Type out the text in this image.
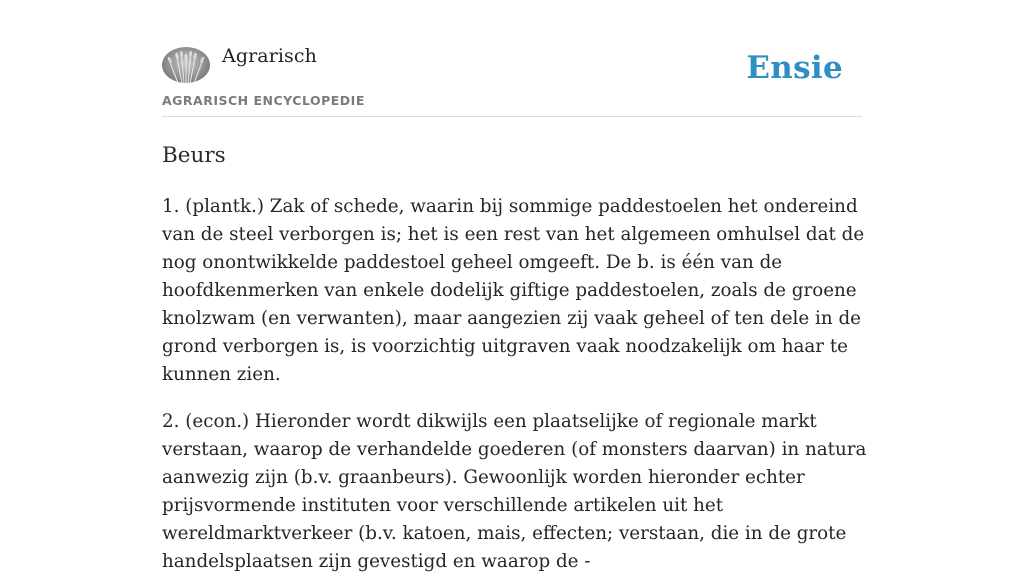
Agrarisch
AGRARISCH ENCYCLOPEDIE
Ensie
Beurs

1. (plantk.) Zak of schede, waarin bij sommige paddestoelen het ondereind van de steel verborgen is; het is een rest van het algemeen omhulsel dat de nog onontwikkelde paddestoel geheel omgeeft. De b. is één van de hoofdkenmerken van enkele dodelijk giftige paddestoelen, zoals de groene knolzwam (en verwanten), maar aangezien zij vaak geheel of ten dele in de grond verborgen is, is voorzichtig uitgraven vaak noodzakelijk om haar te kunnen zien.

2. (econ.) Hieronder wordt dikwijls een plaatselijke of regionale markt verstaan, waarop de verhandelde goederen (of monsters daarvan) in natura aanwezig zijn (b.v. graanbeurs). Gewoonlijk worden hieronder echter prijsvormende instituten voor verschillende artikelen uit het wereldmarktverkeer (b.v. katoen, mais, effecten; verstaan, die in de grote handelsplaatsen zijn gevestigd en waarop de -
